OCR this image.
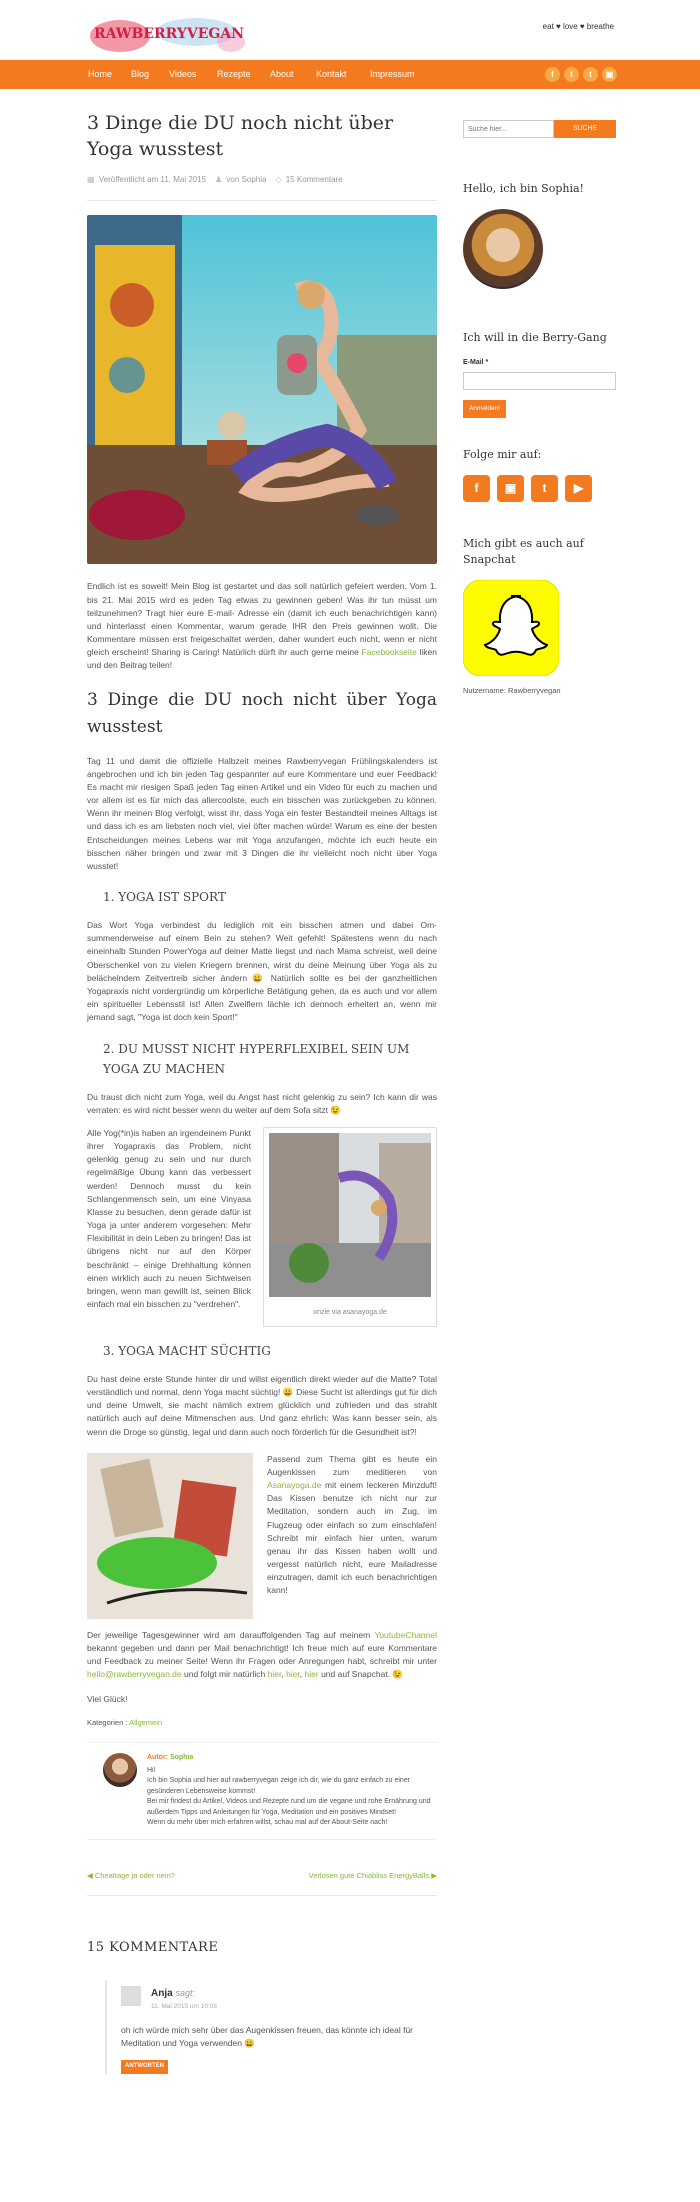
RAWBERRYVEGAN	eat ♥ love ♥ breathe
Home Blog Videos Rezepte About Kontakt	Impressum	f	t	t	▣
3 Dinge die DU noch nicht über Yoga wusstest
▦ Veröffentlicht am 11. Mai 2015 ♟ von Sophia ◇ 15 Kommentare

Endlich ist es soweit! Mein Blog ist gestartet und das soll natürlich gefeiert werden. Vom 1. bis 21. Mai 2015 wird es jeden Tag etwas zu gewinnen geben! Was ihr tun müsst um teilzunehmen? Tragt hier eure E-mail- Adresse ein (damit ich euch benachrichtigen kann) und hinterlasst einen Kommentar, warum gerade IHR den Preis gewinnen wollt. Die Kommentare müssen erst freigeschaltet werden, daher wundert euch nicht, wenn er nicht gleich erscheint! Sharing is Caring! Natürlich dürft ihr auch gerne meine Facebookseite liken und den Beitrag teilen!

3 Dinge die DU noch nicht über Yoga wusstest

Tag 11 und damit die offizielle Halbzeit meines Rawberryvegan Frühlingskalenders ist angebrochen und ich bin jeden Tag gespannter auf eure Kommentare und euer Feedback! Es macht mir riesigen Spaß jeden Tag einen Artikel und ein Video für euch zu machen und vor allem ist es für mich das allercoolste, euch ein bisschen was zurückgeben zu können. Wenn ihr meinen Blog verfolgt, wisst ihr, dass Yoga ein fester Bestandteil meines Alltags ist und dass ich es am liebsten noch viel, viel öfter machen würde! Warum es eine der besten Entscheidungen meines Lebens war mit Yoga anzufangen, möchte ich euch heute ein bisschen näher bringen und zwar mit 3 Dingen die ihr vielleicht noch nicht über Yoga wusstet!

1. YOGA IST SPORT

Das Wort Yoga verbindest du lediglich mit ein bisschen atmen und dabei Om-summenderweise auf einem Bein zu stehen? Weit gefehlt! Spätestens wenn du nach eineinhalb Stunden PowerYoga auf deiner Matte liegst und nach Mama schreist, weil deine Oberschenkel von zu vielen Kriegern brennen, wirst du deine Meinung über Yoga als zu belächelndem Zeitvertreib sicher ändern 😀 Natürlich sollte es bei der ganzheitlichen Yogapraxis nicht vordergründig um körperliche Betätigung gehen, da es auch und vor allem ein spiritueller Lebensstil ist! Allen Zweiflern lächle ich dennoch erheitert an, wenn mir jemand sagt, "Yoga ist doch kein Sport!"

2. DU MUSST NICHT HYPERFLEXIBEL SEIN UM YOGA ZU MACHEN

Du traust dich nicht zum Yoga, weil du Angst hast nicht gelenkig zu sein? Ich kann dir was verraten: es wird nicht besser wenn du weiter auf dem Sofa sitzt 😉

Alle Yog(*in)is haben an irgendeinem Punkt ihrer Yogapraxis das Problem, nicht gelenkig genug zu sein und nur durch regelmäßige Übung kann das verbessert werden! Dennoch musst du kein Schlangenmensch sein, um eine Vinyasa Klasse zu besuchen, denn gerade dafür ist Yoga ja unter anderem vorgesehen: Mehr Flexibilität in dein Leben zu bringen! Das ist übrigens nicht nur auf den Körper beschränkt – einige Drehhaltung können einen wirklich auch zu neuen Sichtweisen bringen, wenn man gewillt ist, seinen Blick einfach mal ein bisschen zu "verdrehen".

onzie via asanayoga.de
3. YOGA MACHT SÜCHTIG

Du hast deine erste Stunde hinter dir und willst eigentlich direkt wieder auf die Matte? Total verständlich und normal, denn Yoga macht süchtig! 😀 Diese Sucht ist allerdings gut für dich und deine Umwelt, sie macht nämlich extrem glücklich und zufrieden und das strahlt natürlich auch auf deine Mitmenschen aus. Und ganz ehrlich: Was kann besser sein, als wenn die Droge so günstig, legal und dann auch noch förderlich für die Gesundheit ist?!

Passend zum Thema gibt es heute ein Augenkissen zum meditieren von Asanayoga.de mit einem leckeren Minzduft! Das Kissen benutze ich nicht nur zur Meditation, sondern auch im Zug, im Flugzeug oder einfach so zum einschlafen! Schreibt mir einfach hier unten, warum genau ihr das Kissen haben wollt und vergesst natürlich nicht, eure Mailadresse einzutragen, damit ich euch benachrichtigen kann!

Der jeweilige Tagesgewinner wird am darauffolgenden Tag auf meinem YoutubeChannel bekannt gegeben und dann per Mail benachrichtigt! Ich freue mich auf eure Kommentare und Feedback zu meiner Seite! Wenn ihr Fragen oder Anregungen habt, schreibt mir unter hello@rawberryvegan.de und folgt mir natürlich hier, hier, hier und auf Snapchat. 😉

Viel Glück!

Kategorien : Allgemein

Autor: Sophia
Hi!
Ich bin Sophia und hier auf rawberryvegan zeige ich dir, wie du ganz einfach zu einer gesünderen Lebensweise kommst!
Bei mir findest du Artikel, Videos und Rezepte rund um die vegane und rohe Ernährung und außerdem Tipps und Anleitungen für Yoga, Meditation und ein positives Mindset!
Wenn du mehr über mich erfahren willst, schau mal auf der About-Seite nach!
◀ Cheattage ja oder nein?	Verlosen gute Chiabliss EnergyBalls ▶
15 KOMMENTARE
Anja sagt:
11. Mai 2015 um 10:08

oh ich würde mich sehr über das Augenkissen freuen, das könnte ich ideal für Meditation und Yoga verwenden 😀

ANTWORTEN
Suche hier...
SUCHE
Hello, ich bin Sophia!
Ich will in die Berry-Gang
E-Mail *
Anmelden!
Folge mir auf:
f ▣ t ▶
Mich gibt es auch auf Snapchat
Nutzername: Rawberryvegan
